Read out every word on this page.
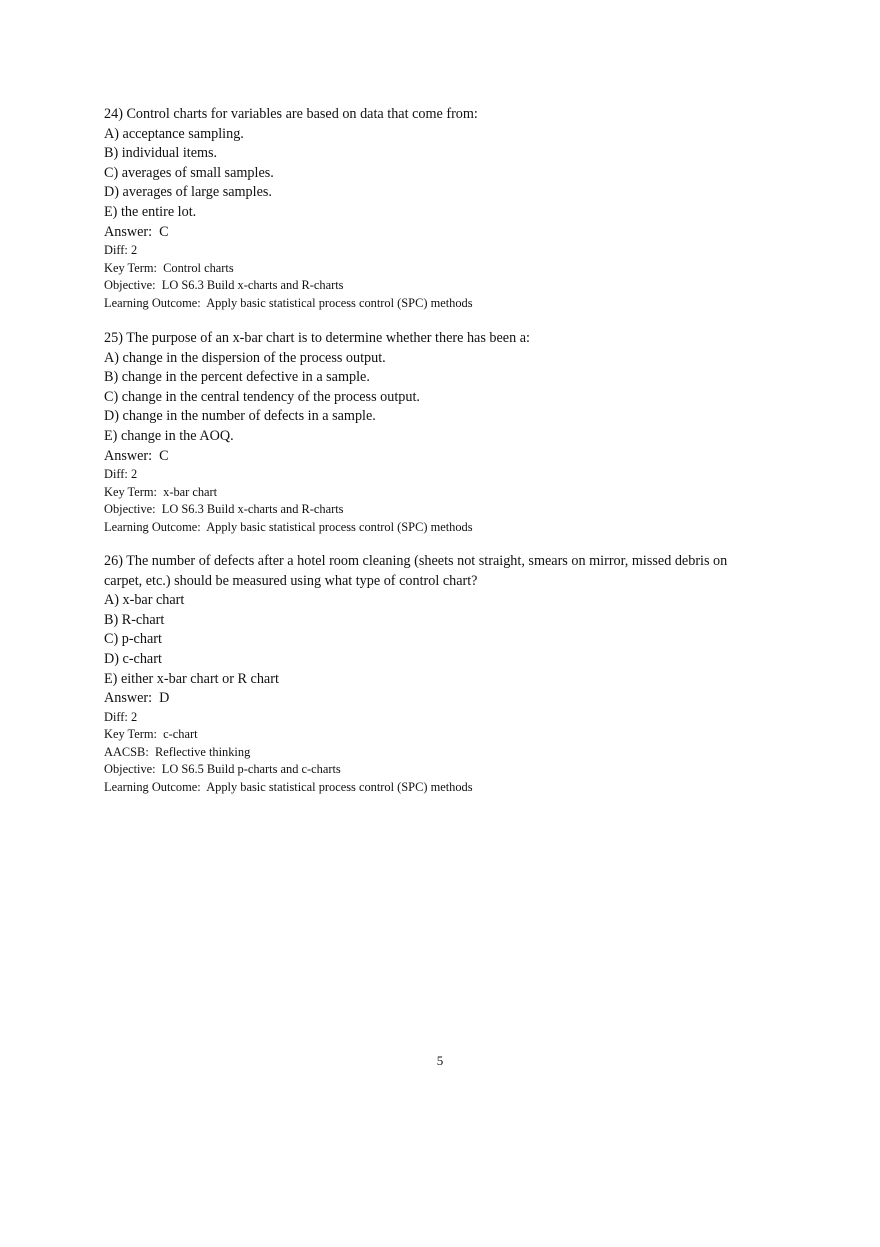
24) Control charts for variables are based on data that come from:

A) acceptance sampling.
B) individual items.
C) averages of small samples.
D) averages of large samples.
E) the entire lot.
Answer:  C
Diff: 2
Key Term:  Control charts
Objective:  LO S6.3 Build x-charts and R-charts
Learning Outcome:  Apply basic statistical process control (SPC) methods

25) The purpose of an x-bar chart is to determine whether there has been a:

A) change in the dispersion of the process output.
B) change in the percent defective in a sample.
C) change in the central tendency of the process output.
D) change in the number of defects in a sample.
E) change in the AOQ.
Answer:  C
Diff: 2
Key Term:  x-bar chart
Objective:  LO S6.3 Build x-charts and R-charts
Learning Outcome:  Apply basic statistical process control (SPC) methods

26) The number of defects after a hotel room cleaning (sheets not straight, smears on mirror, missed debris on carpet, etc.) should be measured using what type of control chart?

A) x-bar chart
B) R-chart
C) p-chart
D) c-chart
E) either x-bar chart or R chart
Answer:  D
Diff: 2
Key Term:  c-chart
AACSB:  Reflective thinking
Objective:  LO S6.5 Build p-charts and c-charts
Learning Outcome:  Apply basic statistical process control (SPC) methods
5
